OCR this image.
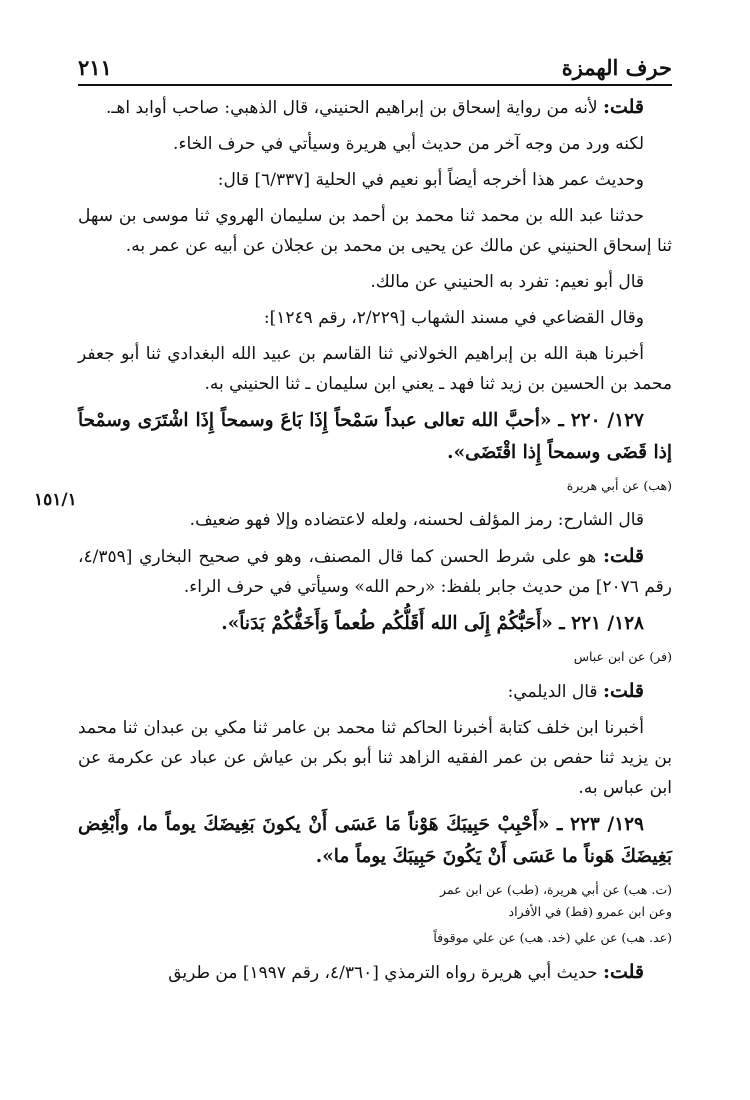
حرف الهمزة
٢١١
١٥١/١

قلت: لأنه من رواية إسحاق بن إبراهيم الحنيني، قال الذهبي: صاحب أوابد اهـ.

لكنه ورد من وجه آخر من حديث أبي هريرة وسيأتي في حرف الخاء.

وحديث عمر هذا أخرجه أيضاً أبو نعيم في الحلية [٦/٣٣٧] قال:

حدثنا عبد الله بن محمد ثنا محمد بن أحمد بن سليمان الهروي ثنا موسى بن سهل ثنا إسحاق الحنيني عن مالك عن يحيى بن محمد بن عجلان عن أبيه عن عمر به.

قال أبو نعيم: تفرد به الحنيني عن مالك.

وقال القضاعي في مسند الشهاب [٢/٢٢٩، رقم ١٢٤٩]:

أخبرنا هبة الله بن إبراهيم الخولاني ثنا القاسم بن عبيد الله البغدادي ثنا أبو جعفر محمد بن الحسين بن زيد ثنا فهد ـ يعني ابن سليمان ـ ثنا الحنيني به.

١٢٧/ ٢٢٠ ـ «أحبَّ الله تعالى عبداً سَمْحاً إِذَا بَاعَ وسمحاً إِذَا اشْتَرَى وسمْحاً إذا قَضَى وسمحاً إِذا اقْتَضَى».

(هب) عن أبي هريرة

قال الشارح: رمز المؤلف لحسنه، ولعله لاعتضاده وإلا فهو ضعيف.

قلت: هو على شرط الحسن كما قال المصنف، وهو في صحيح البخاري [٤/٣٥٩، رقم ٢٠٧٦] من حديث جابر بلفظ: «رحم الله» وسيأتي في حرف الراء.

١٢٨/ ٢٢١ ـ «أَحَبُّكُمْ إِلَى الله أَقَلُّكُم طُعماً وَأَخَفُّكُمْ بَدَناً».

(فر) عن ابن عباس

قلت: قال الديلمي:

أخبرنا ابن خلف كتابة أخبرنا الحاكم ثنا محمد بن عامر ثنا مكي بن عبدان ثنا محمد بن يزيد ثنا حفص بن عمر الفقيه الزاهد ثنا أبو بكر بن عياش عن عباد عن عكرمة عن ابن عباس به.

١٢٩/ ٢٢٣ ـ «أَحْبِبْ حَبِيبَكَ هَوْناً مَا عَسَى أَنْ يكونَ بَغِيضَكَ يوماً ما، وأَبْغِض بَغِيضَكَ هَوناً ما عَسَى أَنْ يَكُونَ حَبِيبَكَ يوماً ما».

(ت. هب) عن أبي هريرة، (طب) عن ابن عمر
وعن ابن عمرو (قط) في الأفراد
(عد. هب) عن علي (خد. هب) عن علي موقوفاً

قلت: حديث أبي هريرة رواه الترمذي [٤/٣٦٠، رقم ١٩٩٧] من طريق
